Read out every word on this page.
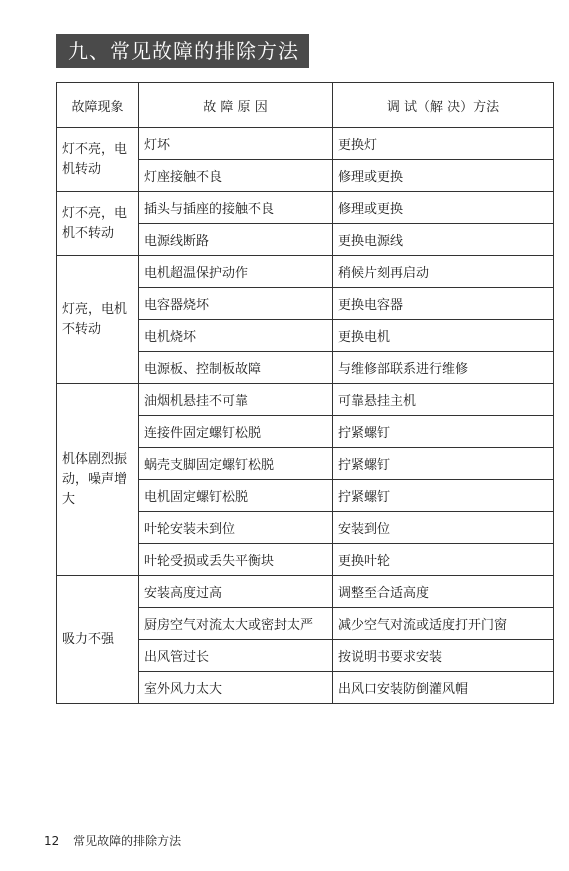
九、常见故障的排除方法
故障现象	故 障 原 因	调 试（解 决）方法

灯不亮，电机转动	灯坏	更换灯
	灯座接触不良	修理或更换

灯不亮，电机不转动	插头与插座的接触不良	修理或更换
	电源线断路	更换电源线

灯亮，电机不转动	电机超温保护动作	稍候片刻再启动
	电容器烧坏	更换电容器
	电机烧坏	更换电机
	电源板、控制板故障	与维修部联系进行维修

机体剧烈振动，噪声增大	油烟机悬挂不可靠	可靠悬挂主机
	连接件固定螺钉松脱	拧紧螺钉
	蜗壳支脚固定螺钉松脱	拧紧螺钉
	电机固定螺钉松脱	拧紧螺钉
	叶轮安装未到位	安装到位
	叶轮受损或丢失平衡块	更换叶轮

吸力不强	安装高度过高	调整至合适高度
	厨房空气对流太大或密封太严	减少空气对流或适度打开门窗
	出风管过长	按说明书要求安装
	室外风力太大	出风口安装防倒灌风帽
12 常见故障的排除方法
